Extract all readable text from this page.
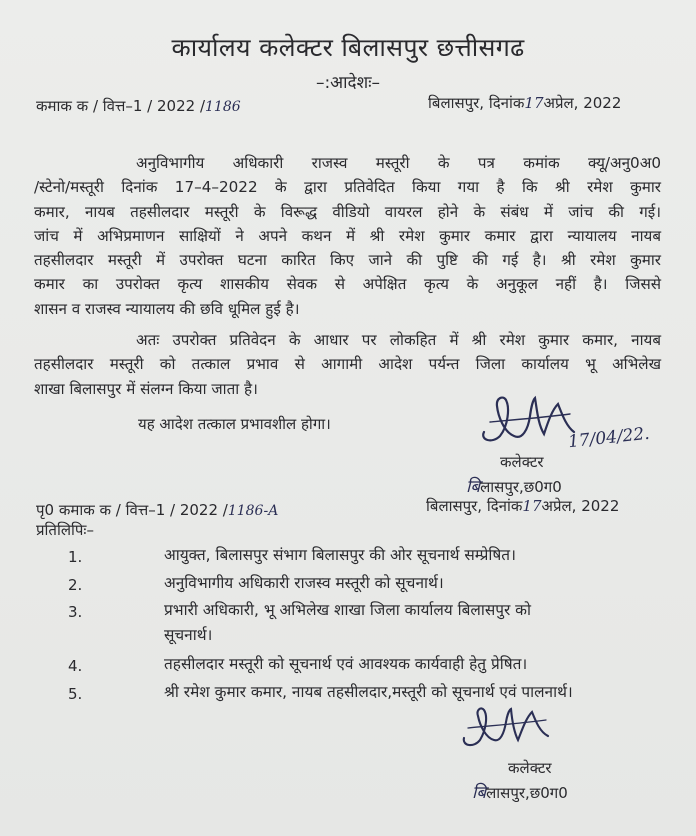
कार्यालय कलेक्टर बिलासपुर छत्तीसगढ
–:आदेशः–
कमाक क / वित्त–1 / 2022 /1186	बिलासपुर, दिनांक17अप्रेल, 2022
अनुविभागीय अधिकारी राजस्व मस्तूरी के पत्र कमांक क्यू/अनु0अ0
/स्टेनो/मस्तूरी दिनांक 17–4–2022 के द्वारा प्रतिवेदित किया गया है कि श्री रमेश कुमार
कमार, नायब तहसीलदार मस्तूरी के विरूद्ध वीडियो वायरल होने के संबंध में जांच की गई।
जांच में अभिप्रमाणन साक्षियों ने अपने कथन में श्री रमेश कुमार कमार द्वारा न्यायालय नायब
तहसीलदार मस्तूरी में उपरोक्त घटना कारित किए जाने की पुष्टि की गई है। श्री रमेश कुमार
कमार का उपरोक्त कृत्य शासकीय सेवक से अपेक्षित कृत्य के अनुकूल नहीं है। जिससे
शासन व राजस्व न्यायालय की छवि धूमिल हुई है।
अतः उपरोक्त प्रतिवेदन के आधार पर लोकहित में श्री रमेश कुमार कमार, नायब
तहसीलदार मस्तूरी को तत्काल प्रभाव से आगामी आदेश पर्यन्त जिला कार्यालय भू अभिलेख
शाखा बिलासपुर में संलग्न किया जाता है।
यह आदेश तत्काल प्रभावशील होगा।	17/04/22.
कलेक्टर
बिलासपुर,छ0ग0
पृ0 कमाक क / वित्त–1 / 2022 /1186-A	बिलासपुर, दिनांक17अप्रेल, 2022
प्रतिलिपिः–
1.	आयुक्त, बिलासपुर संभाग बिलासपुर की ओर सूचनार्थ सम्प्रेषित।
2.	अनुविभागीय अधिकारी राजस्व मस्तूरी को सूचनार्थ।
3.	प्रभारी अधिकारी, भू अभिलेख शाखा जिला कार्यालय बिलासपुर को
सूचनार्थ।
4.	तहसीलदार मस्तूरी को सूचनार्थ एवं आवश्यक कार्यवाही हेतु प्रेषित।
5.	श्री रमेश कुमार कमार, नायब तहसीलदार,मस्तूरी को सूचनार्थ एवं पालनार्थ।
कलेक्टर
बिलासपुर,छ0ग0
